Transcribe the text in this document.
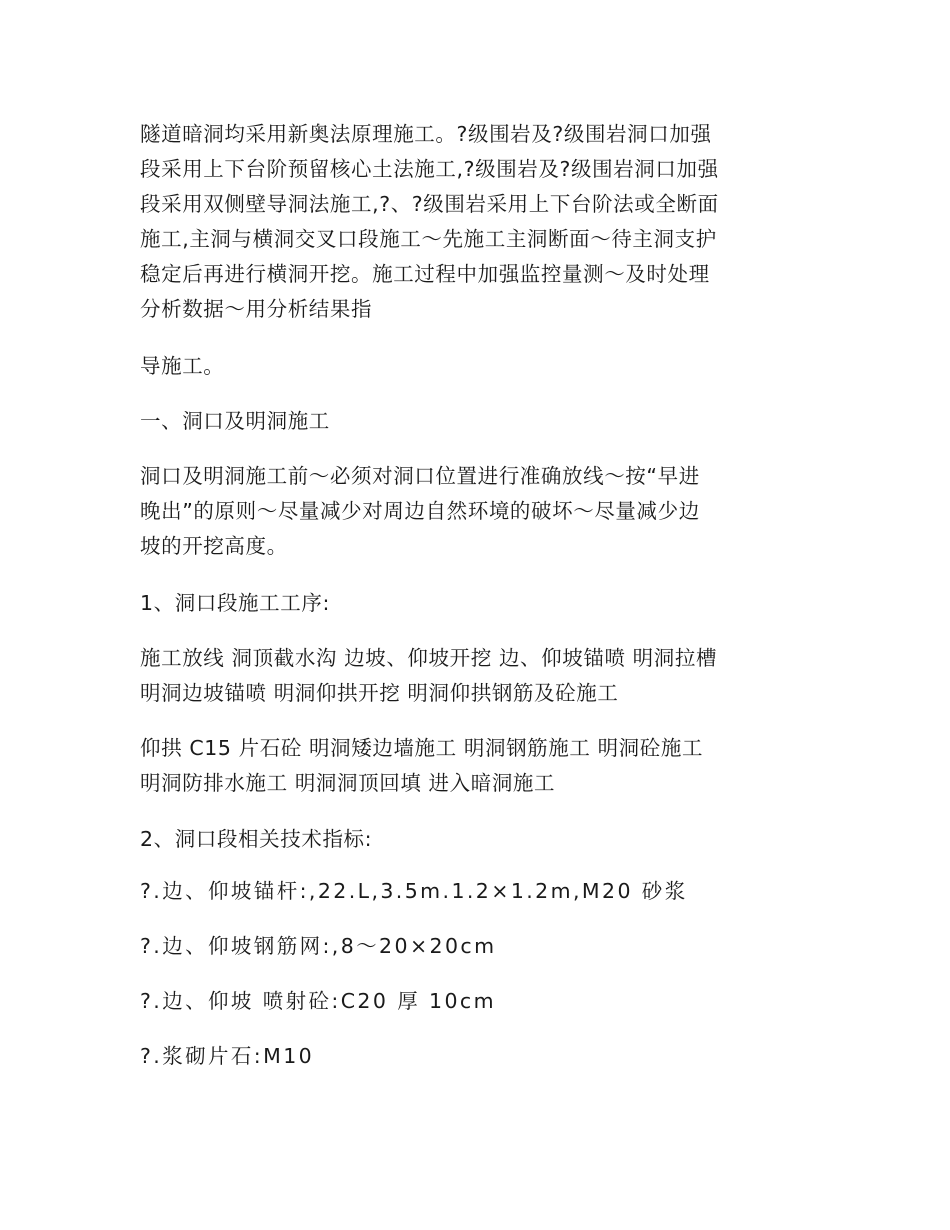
隧道暗洞均采用新奥法原理施工。?级围岩及?级围岩洞口加强
段采用上下台阶预留核心土法施工,?级围岩及?级围岩洞口加强
段采用双侧壁导洞法施工,?、?级围岩采用上下台阶法或全断面
施工,主洞与横洞交叉口段施工～先施工主洞断面～待主洞支护
稳定后再进行横洞开挖。施工过程中加强监控量测～及时处理
分析数据～用分析结果指
导施工。
一、洞口及明洞施工
洞口及明洞施工前～必须对洞口位置进行准确放线～按“早进
晚出”的原则～尽量减少对周边自然环境的破坏～尽量减少边
坡的开挖高度。
1、洞口段施工工序:
施工放线 洞顶截水沟 边坡、仰坡开挖 边、仰坡锚喷 明洞拉槽
明洞边坡锚喷 明洞仰拱开挖 明洞仰拱钢筋及砼施工
仰拱 C15 片石砼 明洞矮边墙施工 明洞钢筋施工 明洞砼施工
明洞防排水施工 明洞洞顶回填 进入暗洞施工
2、洞口段相关技术指标:
?.边、仰坡锚杆:,22.L,3.5m.1.2×1.2m,M20 砂浆
?.边、仰坡钢筋网:,8～20×20cm
?.边、仰坡 喷射砼:C20 厚 10cm
?.浆砌片石:M10
